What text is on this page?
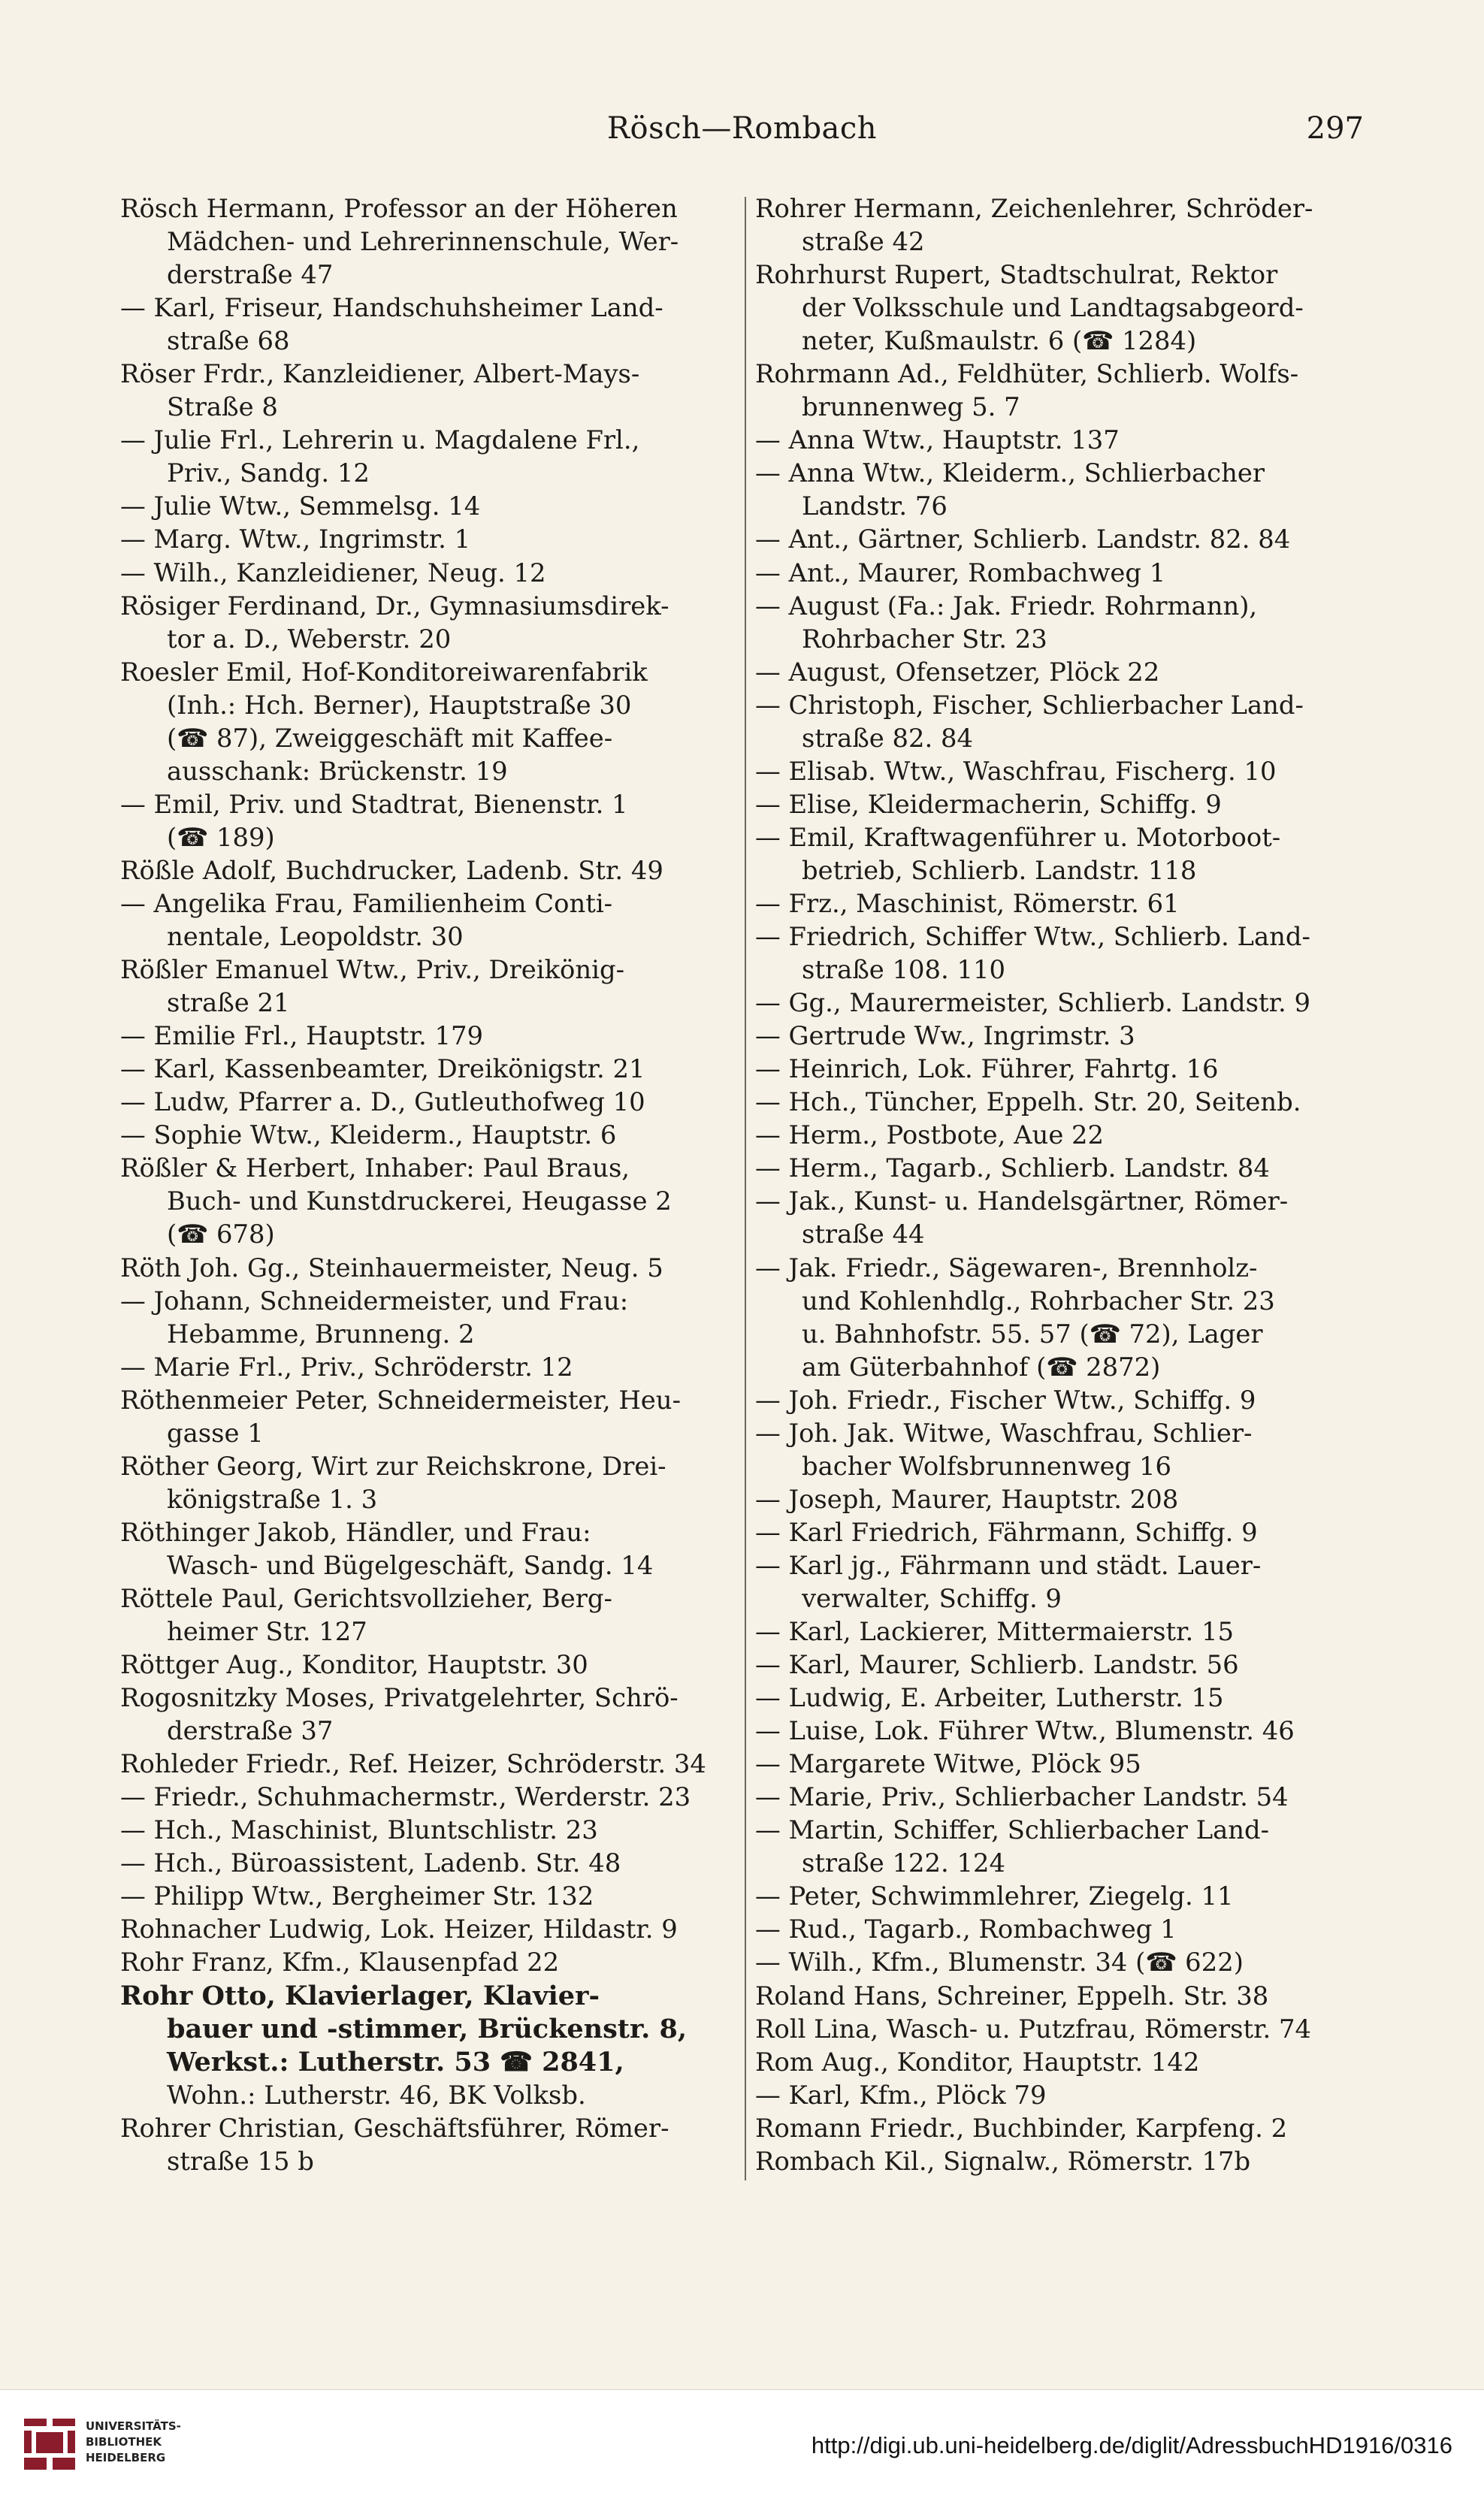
Rösch—Rombach	297
Rösch Hermann, Professor an der Höheren
Mädchen- und Lehrerinnenschule, Wer-
derstraße 47
— Karl, Friseur, Handschuhsheimer Land-
straße 68
Röser Frdr., Kanzleidiener, Albert-Mays-
Straße 8
— Julie Frl., Lehrerin u. Magdalene Frl.,
Priv., Sandg. 12
— Julie Wtw., Semmelsg. 14
— Marg. Wtw., Ingrimstr. 1
— Wilh., Kanzleidiener, Neug. 12
Rösiger Ferdinand, Dr., Gymnasiumsdirek-
tor a. D., Weberstr. 20
Roesler Emil, Hof-Konditoreiwarenfabrik
(Inh.: Hch. Berner), Hauptstraße 30
(☎ 87), Zweiggeschäft mit Kaffee-
ausschank: Brückenstr. 19
— Emil, Priv. und Stadtrat, Bienenstr. 1
(☎ 189)
Rößle Adolf, Buchdrucker, Ladenb. Str. 49
— Angelika Frau, Familienheim Conti-
nentale, Leopoldstr. 30
Rößler Emanuel Wtw., Priv., Dreikönig-
straße 21
— Emilie Frl., Hauptstr. 179
— Karl, Kassenbeamter, Dreikönigstr. 21
— Ludw, Pfarrer a. D., Gutleuthofweg 10
— Sophie Wtw., Kleiderm., Hauptstr. 6
Rößler & Herbert, Inhaber: Paul Braus,
Buch- und Kunstdruckerei, Heugasse 2
(☎ 678)
Röth Joh. Gg., Steinhauermeister, Neug. 5
— Johann, Schneidermeister, und Frau:
Hebamme, Brunneng. 2
— Marie Frl., Priv., Schröderstr. 12
Röthenmeier Peter, Schneidermeister, Heu-
gasse 1
Röther Georg, Wirt zur Reichskrone, Drei-
königstraße 1. 3
Röthinger Jakob, Händler, und Frau:
Wasch- und Bügelgeschäft, Sandg. 14
Röttele Paul, Gerichtsvollzieher, Berg-
heimer Str. 127
Röttger Aug., Konditor, Hauptstr. 30
Rogosnitzky Moses, Privatgelehrter, Schrö-
derstraße 37
Rohleder Friedr., Ref. Heizer, Schröderstr. 34
— Friedr., Schuhmachermstr., Werderstr. 23
— Hch., Maschinist, Bluntschlistr. 23
— Hch., Büroassistent, Ladenb. Str. 48
— Philipp Wtw., Bergheimer Str. 132
Rohnacher Ludwig, Lok. Heizer, Hildastr. 9
Rohr Franz, Kfm., Klausenpfad 22
Rohr Otto, Klavierlager, Klavier-
bauer und -stimmer, Brückenstr. 8,
Werkst.: Lutherstr. 53 ☎ 2841,
Wohn.: Lutherstr. 46, BK Volksb.
Rohrer Christian, Geschäftsführer, Römer-
straße 15 b
Rohrer Hermann, Zeichenlehrer, Schröder-
straße 42
Rohrhurst Rupert, Stadtschulrat, Rektor
der Volksschule und Landtagsabgeord-
neter, Kußmaulstr. 6 (☎ 1284)
Rohrmann Ad., Feldhüter, Schlierb. Wolfs-
brunnenweg 5. 7
— Anna Wtw., Hauptstr. 137
— Anna Wtw., Kleiderm., Schlierbacher
Landstr. 76
— Ant., Gärtner, Schlierb. Landstr. 82. 84
— Ant., Maurer, Rombachweg 1
— August (Fa.: Jak. Friedr. Rohrmann),
Rohrbacher Str. 23
— August, Ofensetzer, Plöck 22
— Christoph, Fischer, Schlierbacher Land-
straße 82. 84
— Elisab. Wtw., Waschfrau, Fischerg. 10
— Elise, Kleidermacherin, Schiffg. 9
— Emil, Kraftwagenführer u. Motorboot-
betrieb, Schlierb. Landstr. 118
— Frz., Maschinist, Römerstr. 61
— Friedrich, Schiffer Wtw., Schlierb. Land-
straße 108. 110
— Gg., Maurermeister, Schlierb. Landstr. 9
— Gertrude Ww., Ingrimstr. 3
— Heinrich, Lok. Führer, Fahrtg. 16
— Hch., Tüncher, Eppelh. Str. 20, Seitenb.
— Herm., Postbote, Aue 22
— Herm., Tagarb., Schlierb. Landstr. 84
— Jak., Kunst- u. Handelsgärtner, Römer-
straße 44
— Jak. Friedr., Sägewaren-, Brennholz-
und Kohlenhdlg., Rohrbacher Str. 23
u. Bahnhofstr. 55. 57 (☎ 72), Lager
am Güterbahnhof (☎ 2872)
— Joh. Friedr., Fischer Wtw., Schiffg. 9
— Joh. Jak. Witwe, Waschfrau, Schlier-
bacher Wolfsbrunnenweg 16
— Joseph, Maurer, Hauptstr. 208
— Karl Friedrich, Fährmann, Schiffg. 9
— Karl jg., Fährmann und städt. Lauer-
verwalter, Schiffg. 9
— Karl, Lackierer, Mittermaierstr. 15
— Karl, Maurer, Schlierb. Landstr. 56
— Ludwig, E. Arbeiter, Lutherstr. 15
— Luise, Lok. Führer Wtw., Blumenstr. 46
— Margarete Witwe, Plöck 95
— Marie, Priv., Schlierbacher Landstr. 54
— Martin, Schiffer, Schlierbacher Land-
straße 122. 124
— Peter, Schwimmlehrer, Ziegelg. 11
— Rud., Tagarb., Rombachweg 1
— Wilh., Kfm., Blumenstr. 34 (☎ 622)
Roland Hans, Schreiner, Eppelh. Str. 38
Roll Lina, Wasch- u. Putzfrau, Römerstr. 74
Rom Aug., Konditor, Hauptstr. 142
— Karl, Kfm., Plöck 79
Romann Friedr., Buchbinder, Karpfeng. 2
Rombach Kil., Signalw., Römerstr. 17b
UNIVERSITÄTS-
BIBLIOTHEK
HEIDELBERG	http://digi.ub.uni-heidelberg.de/diglit/AdressbuchHD1916/0316
